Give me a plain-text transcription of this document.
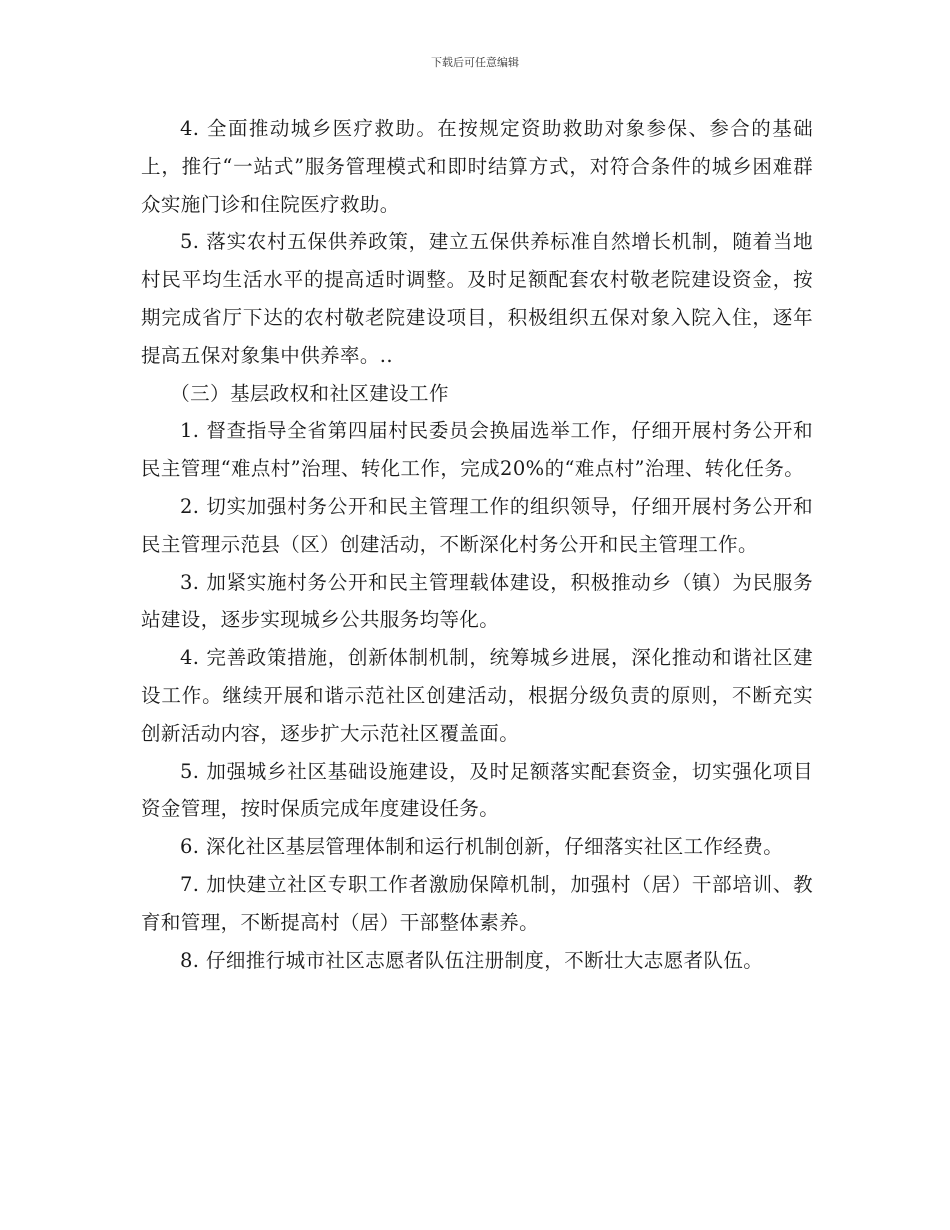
下载后可任意编辑

4. 全面推动城乡医疗救助。在按规定资助救助对象参保、参合的基础上，推行“一站式”服务管理模式和即时结算方式，对符合条件的城乡困难群众实施门诊和住院医疗救助。

5. 落实农村五保供养政策，建立五保供养标准自然增长机制，随着当地村民平均生活水平的提高适时调整。及时足额配套农村敬老院建设资金，按期完成省厅下达的农村敬老院建设项目，积极组织五保对象入院入住，逐年提高五保对象集中供养率。..

（三）基层政权和社区建设工作

1. 督查指导全省第四届村民委员会换届选举工作，仔细开展村务公开和民主管理“难点村”治理、转化工作，完成20%的“难点村”治理、转化任务。

2. 切实加强村务公开和民主管理工作的组织领导，仔细开展村务公开和民主管理示范县（区）创建活动，不断深化村务公开和民主管理工作。

3. 加紧实施村务公开和民主管理载体建设，积极推动乡（镇）为民服务站建设，逐步实现城乡公共服务均等化。

4. 完善政策措施，创新体制机制，统筹城乡进展，深化推动和谐社区建设工作。继续开展和谐示范社区创建活动，根据分级负责的原则，不断充实创新活动内容，逐步扩大示范社区覆盖面。

5. 加强城乡社区基础设施建设，及时足额落实配套资金，切实强化项目资金管理，按时保质完成年度建设任务。

6. 深化社区基层管理体制和运行机制创新，仔细落实社区工作经费。

7. 加快建立社区专职工作者激励保障机制，加强村（居）干部培训、教育和管理，不断提高村（居）干部整体素养。

8. 仔细推行城市社区志愿者队伍注册制度，不断壮大志愿者队伍。
